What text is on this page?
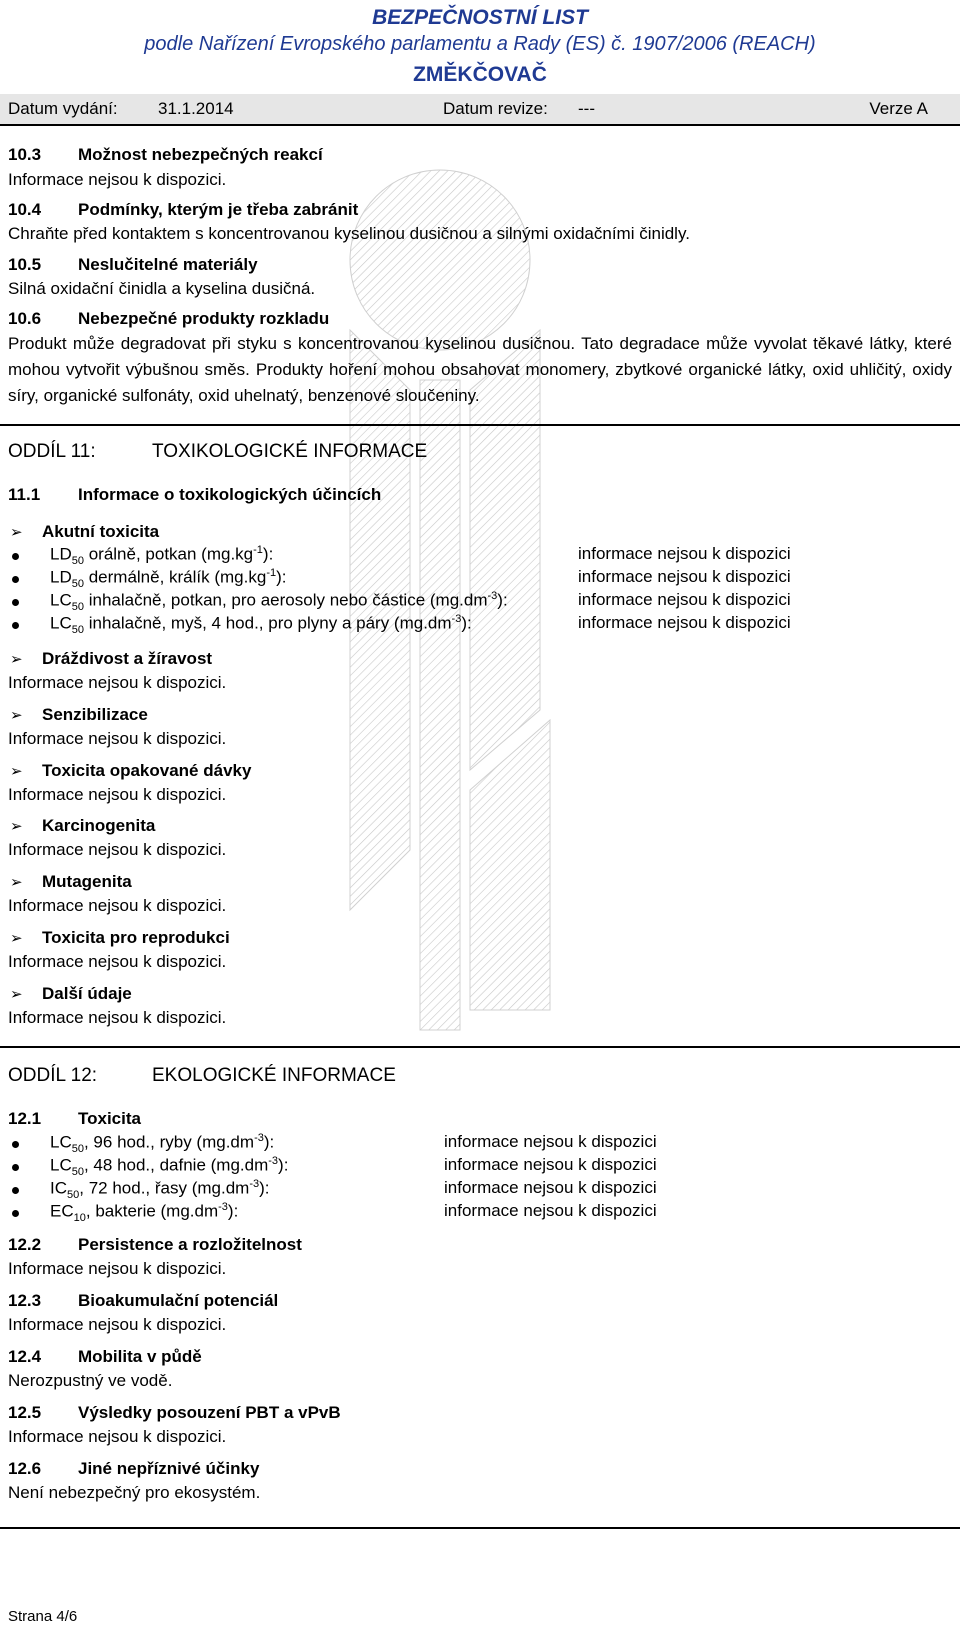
BEZPEČNOSTNÍ LIST
podle Nařízení Evropského parlamentu a Rady (ES) č. 1907/2006 (REACH)
ZMĚKČOVAČ
Datum vydání: 31.1.2014	Datum revize: ---	Verze A
10.3 Možnost nebezpečných reakcí
Informace nejsou k dispozici.
10.4 Podmínky, kterým je třeba zabránit
Chraňte před kontaktem s koncentrovanou kyselinou dusičnou a silnými oxidačními činidly.
10.5 Neslučitelné materiály
Silná oxidační činidla a kyselina dusičná.
10.6 Nebezpečné produkty rozkladu
Produkt může degradovat při styku s koncentrovanou kyselinou dusičnou. Tato degradace může vyvolat těkavé látky, které mohou vytvořit výbušnou směs. Produkty hoření mohou obsahovat monomery, zbytkové organické látky, oxid uhličitý, oxidy síry, organické sulfonáty, oxid uhelnatý, benzenové sloučeniny.
ODDÍL 11:	TOXIKOLOGICKÉ INFORMACE
11.1 Informace o toxikologických účincích
➢ Akutní toxicita
$LD_{50}$ orálně, potkan $(mg.kg^{-1})$:	informace nejsou k dispozici
$LD_{50}$ dermálně, králík $(mg.kg^{-1})$:	informace nejsou k dispozici
$LC_{50}$ inhalačně, potkan, pro aerosoly nebo částice $(mg.dm^{-3})$:	informace nejsou k dispozici
$LC_{50}$ inhalačně, myš, 4 hod., pro plyny a páry $(mg.dm^{-3})$:	informace nejsou k dispozici
➢ Dráždivost a žíravost
Informace nejsou k dispozici.
➢ Senzibilizace
Informace nejsou k dispozici.
➢ Toxicita opakované dávky
Informace nejsou k dispozici.
➢ Karcinogenita
Informace nejsou k dispozici.
➢ Mutagenita
Informace nejsou k dispozici.
➢ Toxicita pro reprodukci
Informace nejsou k dispozici.
➢ Další údaje
Informace nejsou k dispozici.
ODDÍL 12:	EKOLOGICKÉ INFORMACE
12.1 Toxicita
$LC_{50}$, 96 hod., ryby $(mg.dm^{-3})$:	informace nejsou k dispozici
$LC_{50}$, 48 hod., dafnie $(mg.dm^{-3})$:	informace nejsou k dispozici
$IC_{50}$, 72 hod., řasy $(mg.dm^{-3})$:	informace nejsou k dispozici
$EC_{10}$, bakterie $(mg.dm^{-3})$:	informace nejsou k dispozici
12.2 Persistence a rozložitelnost
Informace nejsou k dispozici.
12.3 Bioakumulační potenciál
Informace nejsou k dispozici.
12.4 Mobilita v půdě
Nerozpustný ve vodě.
12.5 Výsledky posouzení PBT a vPvB
Informace nejsou k dispozici.
12.6 Jiné nepříznivé účinky
Není nebezpečný pro ekosystém.
Strana 4/6
